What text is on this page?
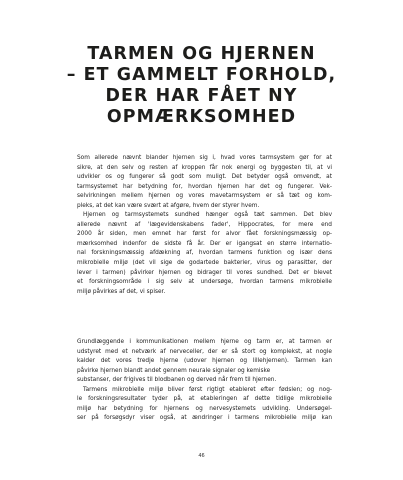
TARMEN OG HJERNEN
– ET GAMMELT FORHOLD,
DER HAR FÅET NY
OPMÆRKSOMHED
Som allerede nævnt blander hjernen sig i, hvad vores tarmsystem gør for at
sikre, at den selv og resten af kroppen får nok energi og byggesten til, at vi
udvikler os og fungerer så godt som muligt. Det betyder også omvendt, at
tarmsystemet har betydning for, hvordan hjernen har det og fungerer. Vek-
selvirkningen mellem hjernen og vores mavetarmsystem er så tæt og kom-
pleks, at det kan være svært at afgøre, hvem der styrer hvem.
Hjernen og tarmsystemets sundhed hænger også tæt sammen. Det blev
allerede nævnt af 'lægevidenskabens fader', Hippocrates, for mere end
2000 år siden, men emnet har først for alvor fået forskningsmæssig op-
mærksomhed indenfor de sidste få år. Der er igangsat en større internatio-
nal forskningsmæssig afdækning af, hvordan tarmens funktion og især dens
mikrobielle miljø (det vil sige de godartede bakterier, virus og parasitter, der
lever i tarmen) påvirker hjernen og bidrager til vores sundhed. Det er blevet
et forskningsområde i sig selv at undersøge, hvordan tarmens mikrobielle
miljø påvirkes af det, vi spiser.
Grundlæggende i kommunikationen mellem hjerne og tarm er, at tarmen er
udstyret med et netværk af nerveceller, der er så stort og komplekst, at nogle
kalder det vores tredje hjerne (udover hjernen og lillehjernen). Tarmen kan
påvirke hjernen blandt andet gennem neurale signaler og kemiske
substanser, der frigives til blodbanen og derved når frem til hjernen.
Tarmens mikrobielle miljø bliver først rigtigt etableret efter fødslen; og nog-
le forskningsresultater tyder på, at etableringen af dette tidlige mikrobielle
miljø har betydning for hjernens og nervesystemets udvikling. Undersøgel-
ser på forsøgsdyr viser også, at ændringer i tarmens mikrobielle miljø kan
46
